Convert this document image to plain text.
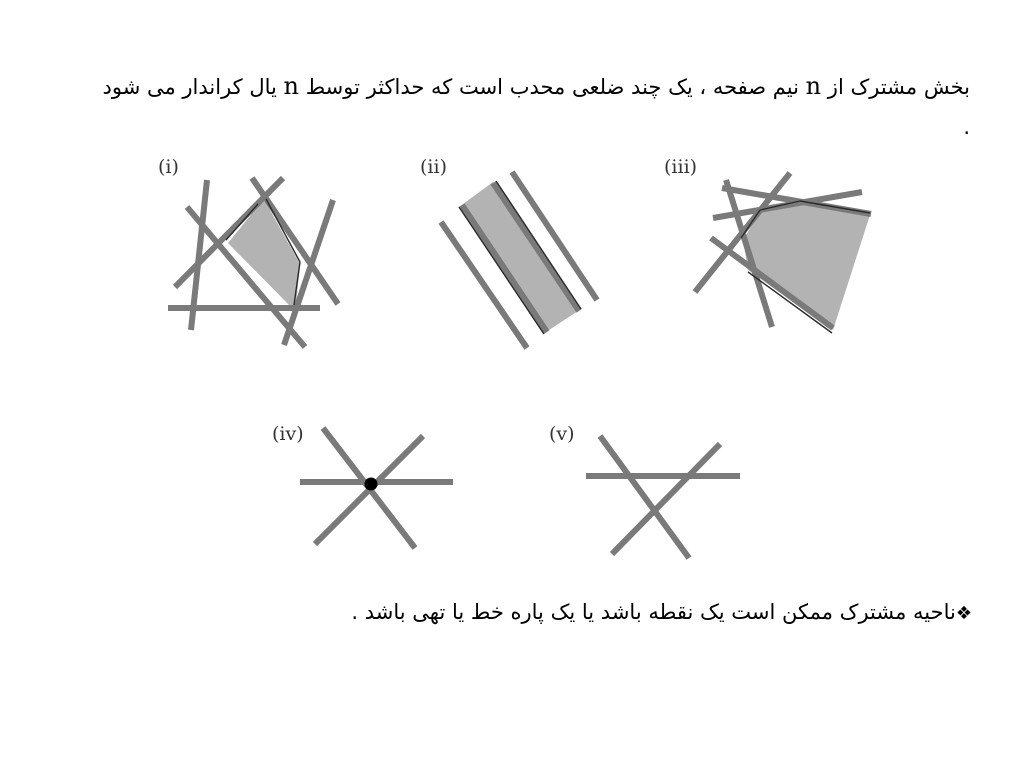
بخش مشترک از n نیم صفحه ، یک چند ضلعی محدب است که حداکثر توسط n یال کراندار می شود .
(i)	(ii)	(iii)
(iv)	(v)
❖ناحیه مشترک ممکن است یک نقطه باشد یا یک پاره خط یا تهی باشد .
